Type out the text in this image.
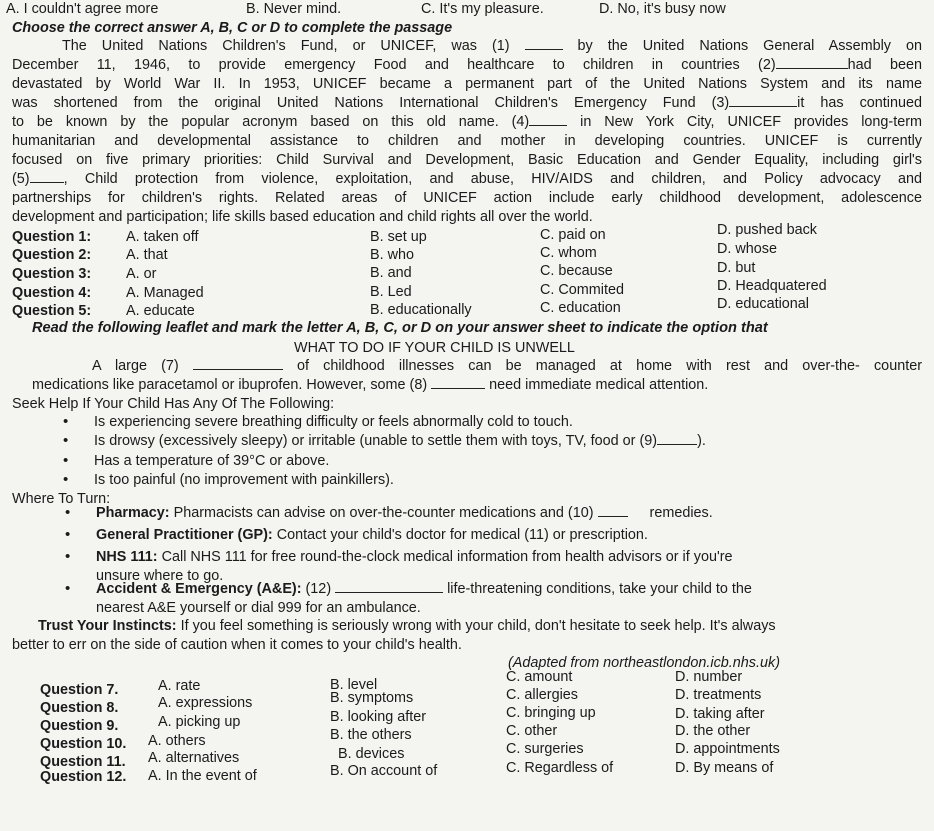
A. I couldn't agree more	B. Never mind.	C. It's my pleasure.	D. No, it's busy now
Choose the correct answer A, B, C or D to complete the passage
The United Nations Children's Fund, or UNICEF, was (1)	by the United Nations General Assembly on
December 11, 1946, to provide emergency Food and healthcare to children in countries (2)	had been
devastated by World War II. In 1953, UNICEF became a permanent part of the United Nations System and its name
was shortened from the original United Nations International Children's Emergency Fund (3)	it has continued
to be known by the popular acronym based on this old name. (4)	in New York City, UNICEF provides long-term
humanitarian and developmental assistance to children and mother in developing countries. UNICEF is currently
focused on five primary priorities: Child Survival and Development, Basic Education and Gender Equality, including girl's
(5) , Child protection from violence, exploitation, and abuse, HIV/AIDS and children, and Policy advocacy and
partnerships for children's rights. Related areas of UNICEF action include early childhood development, adolescence
development and participation; life skills based education and child rights all over the world.
Question 1: A. taken off	B. set up	C. paid on	D. pushed back
Question 2: A. that	B. who	C. whom	D. whose
Question 3: A. or	B. and	C. because	D. but
Question 4: A. Managed	B. Led	C. Commited	D. Headquatered
Question 5: A. educate	B. educationally	C. education	D. educational
Read the following leaflet and mark the letter A, B, C, or D on your answer sheet to indicate the option that
WHAT TO DO IF YOUR CHILD IS UNWELL
A large (7)	of childhood illnesses can be managed at home with rest and over-the- counter
medications like paracetamol or ibuprofen. However, some (8)	need immediate medical attention.
Seek Help If Your Child Has Any Of The Following:
• Is experiencing severe breathing difficulty or feels abnormally cold to touch.
• Is drowsy (excessively sleepy) or irritable (unable to settle them with toys, TV, food or (9)	).
• Has a temperature of 39°C or above.
• Is too painful (no improvement with painkillers).
Where To Turn:
• Pharmacy: Pharmacists can advise on over-the-counter medications and (10)	remedies.
• General Practitioner (GP): Contact your child's doctor for medical (11) or prescription.
• NHS 111: Call NHS 111 for free round-the-clock medical information from health advisors or if you're
unsure where to go.
• Accident & Emergency (A&E): (12)	life-threatening conditions, take your child to the
nearest A&E yourself or dial 999 for an ambulance.
Trust Your Instincts: If you feel something is seriously wrong with your child, don't hesitate to seek help. It's always
better to err on the side of caution when it comes to your child's health.
(Adapted from northeastlondon.icb.nhs.uk)
Question 7.	A. rate	B. level	C. amount	D. number
Question 8.	A. expressions	B. symptoms	C. allergies	D. treatments
Question 9.	A. picking up	B. looking after	C. bringing up	D. taking after
Question 10. A. others	B. the others	C. other	D. the other
Question 11. A. alternatives	B. devices	C. surgeries	D. appointments
Question 12. A. In the event of	B. On account of	C. Regardless of	D. By means of
